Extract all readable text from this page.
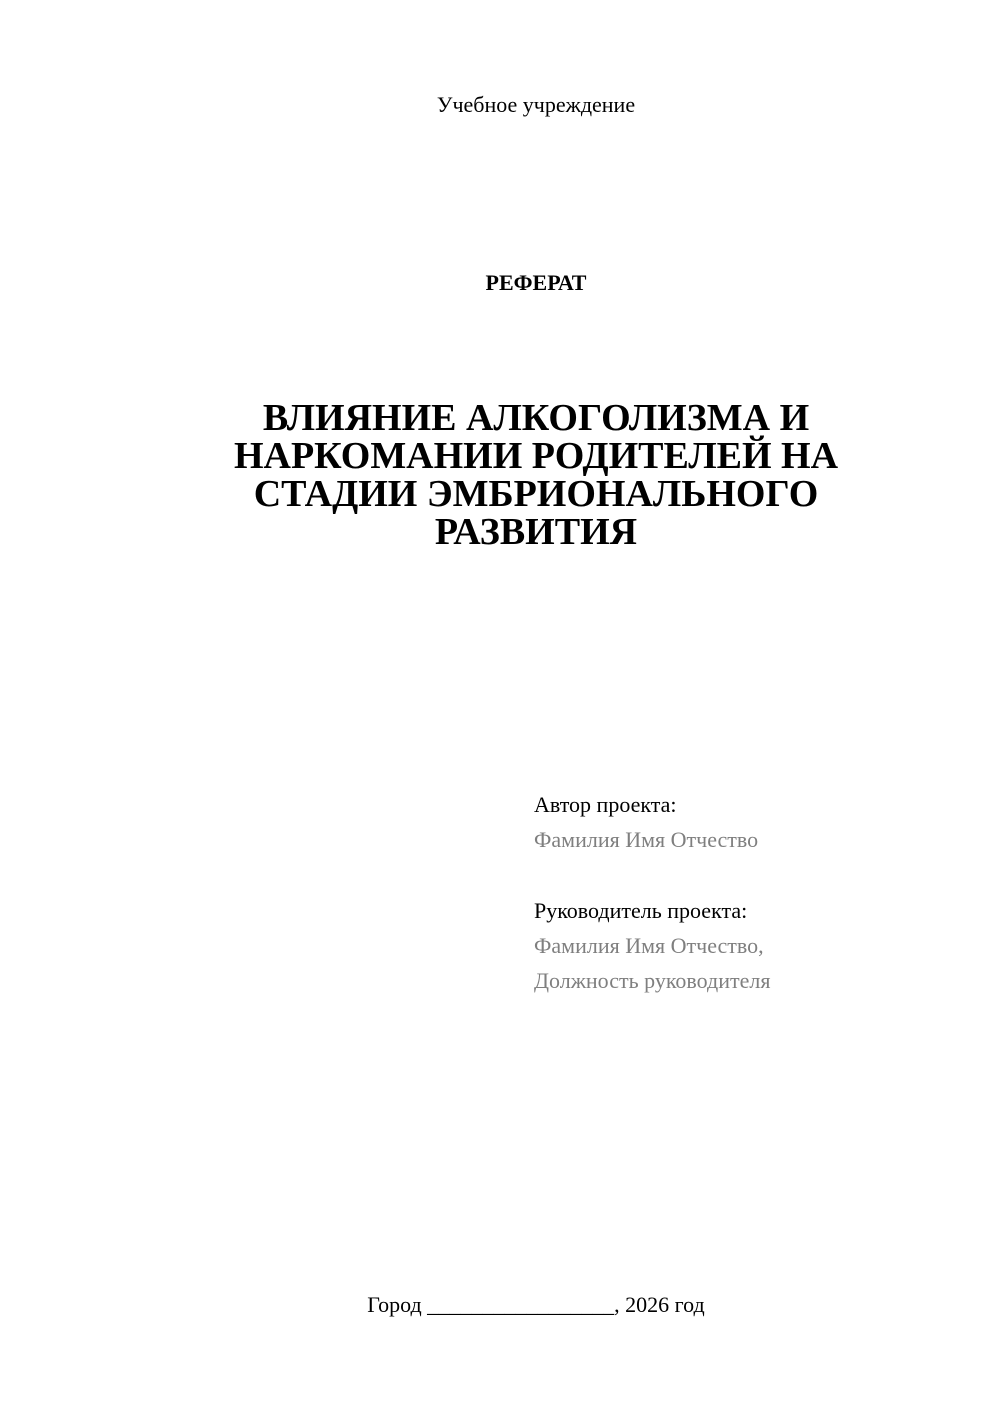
Учебное учреждение
РЕФЕРАТ
ВЛИЯНИЕ АЛКОГОЛИЗМА И
НАРКОМАНИИ РОДИТЕЛЕЙ НА
СТАДИИ ЭМБРИОНАЛЬНОГО
РАЗВИТИЯ
Автор проекта:
Фамилия Имя Отчество
Руководитель проекта:
Фамилия Имя Отчество,
Должность руководителя
Город _________________, 2026 год
